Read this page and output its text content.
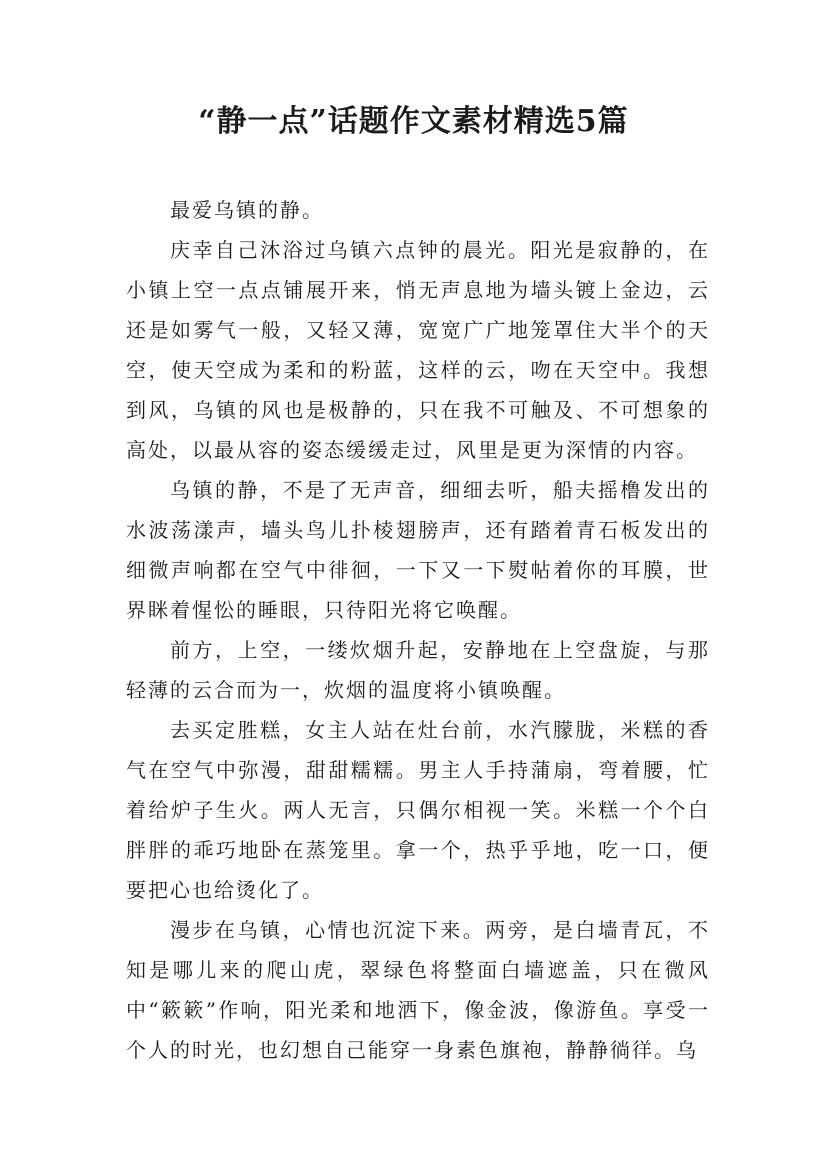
“静一点”话题作文素材精选5篇

最爱乌镇的静。

庆幸自己沐浴过乌镇六点钟的晨光。阳光是寂静的，在小镇上空一点点铺展开来，悄无声息地为墙头镀上金边，云还是如雾气一般，又轻又薄，宽宽广广地笼罩住大半个的天空，使天空成为柔和的粉蓝，这样的云，吻在天空中。我想到风，乌镇的风也是极静的，只在我不可触及、不可想象的高处，以最从容的姿态缓缓走过，风里是更为深情的内容。

乌镇的静，不是了无声音，细细去听，船夫摇橹发出的水波荡漾声，墙头鸟儿扑棱翅膀声，还有踏着青石板发出的细微声响都在空气中徘徊，一下又一下熨帖着你的耳膜，世界眯着惺忪的睡眼，只待阳光将它唤醒。

前方，上空，一缕炊烟升起，安静地在上空盘旋，与那轻薄的云合而为一，炊烟的温度将小镇唤醒。

去买定胜糕，女主人站在灶台前，水汽朦胧，米糕的香气在空气中弥漫，甜甜糯糯。男主人手持蒲扇，弯着腰，忙着给炉子生火。两人无言，只偶尔相视一笑。米糕一个个白胖胖的乖巧地卧在蒸笼里。拿一个，热乎乎地，吃一口，便要把心也给烫化了。

漫步在乌镇，心情也沉淀下来。两旁，是白墙青瓦，不知是哪儿来的爬山虎，翠绿色将整面白墙遮盖，只在微风中“簌簌”作响，阳光柔和地洒下，像金波，像游鱼。享受一个人的时光，也幻想自己能穿一身素色旗袍，静静徜徉。乌
